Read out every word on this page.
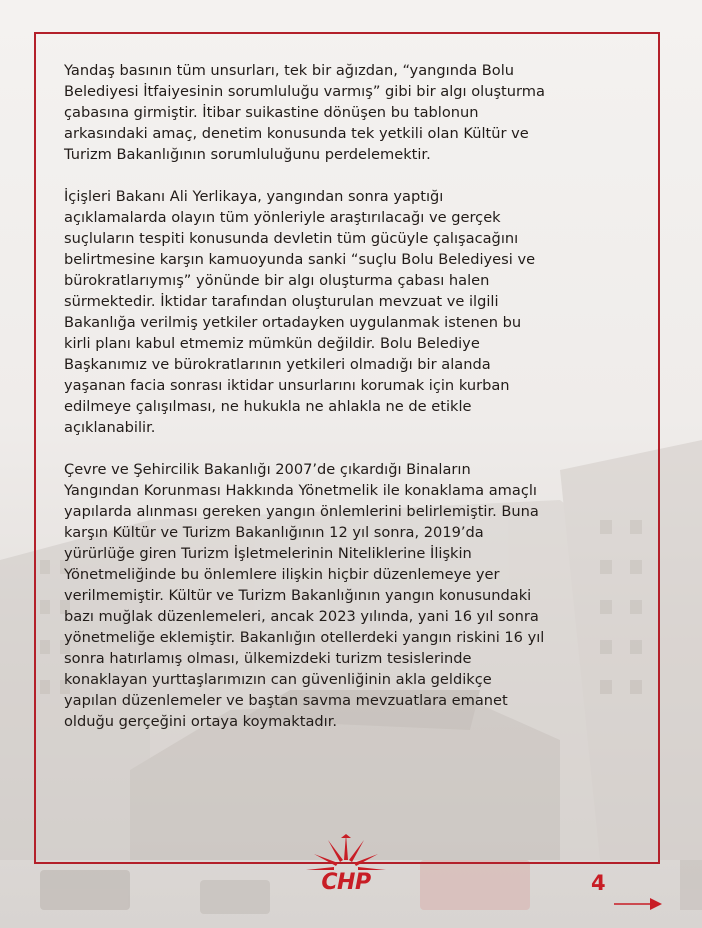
Yandaş basının tüm unsurları, tek bir ağızdan, “yangında Bolu
Belediyesi İtfaiyesinin sorumluluğu varmış” gibi bir algı oluşturma
çabasına girmiştir. İtibar suikastine dönüşen bu tablonun
arkasındaki amaç, denetim konusunda tek yetkili olan Kültür ve
Turizm Bakanlığının sorumluluğunu perdelemektir.

İçişleri Bakanı Ali Yerlikaya, yangından sonra yaptığı
açıklamalarda olayın tüm yönleriyle araştırılacağı ve gerçek
suçluların tespiti konusunda devletin tüm gücüyle çalışacağını
belirtmesine karşın kamuoyunda sanki “suçlu Bolu Belediyesi ve
bürokratlarıymış” yönünde bir algı oluşturma çabası halen
sürmektedir. İktidar tarafından oluşturulan mevzuat ve ilgili
Bakanlığa verilmiş yetkiler ortadayken uygulanmak istenen bu
kirli planı kabul etmemiz mümkün değildir. Bolu Belediye
Başkanımız ve bürokratlarının yetkileri olmadığı bir alanda
yaşanan facia sonrası iktidar unsurlarını korumak için kurban
edilmeye çalışılması, ne hukukla ne ahlakla ne de etikle
açıklanabilir.

Çevre ve Şehircilik Bakanlığı 2007’de çıkardığı Binaların
Yangından Korunması Hakkında Yönetmelik ile konaklama amaçlı
yapılarda alınması gereken yangın önlemlerini belirlemiştir. Buna
karşın Kültür ve Turizm Bakanlığının 12 yıl sonra, 2019’da
yürürlüğe giren Turizm İşletmelerinin Niteliklerine İlişkin
Yönetmeliğinde bu önlemlere ilişkin hiçbir düzenlemeye yer
verilmemiştir. Kültür ve Turizm Bakanlığının yangın konusundaki
bazı muğlak düzenlemeleri, ancak 2023 yılında, yani 16 yıl sonra
yönetmeliğe eklemiştir. Bakanlığın otellerdeki yangın riskini 16 yıl
sonra hatırlamış olması, ülkemizdeki turizm tesislerinde
konaklayan yurttaşlarımızın can güvenliğinin akla geldikçe
yapılan düzenlemeler ve baştan savma mevzuatlara emanet
olduğu gerçeğini ortaya koymaktadır.

CHP	4
